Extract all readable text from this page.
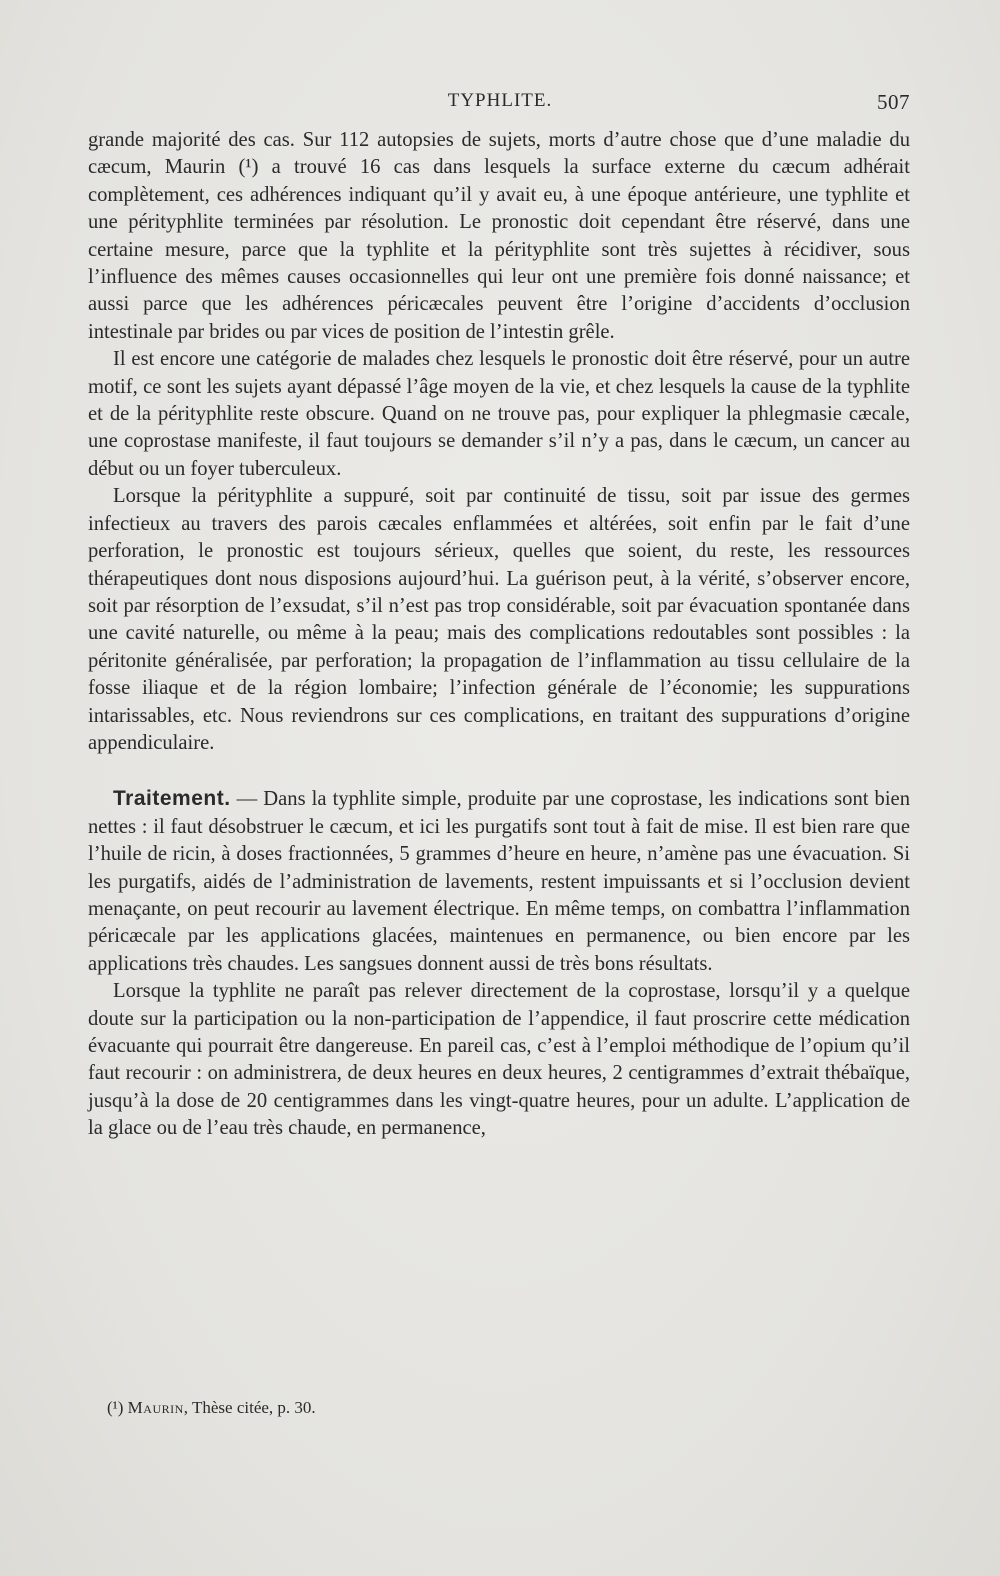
TYPHLITE.	507

grande majorité des cas. Sur 112 autopsies de sujets, morts d’autre chose que d’une maladie du cæcum, Maurin (¹) a trouvé 16 cas dans lesquels la surface externe du cæcum adhérait complètement, ces adhérences indiquant qu’il y avait eu, à une époque antérieure, une typhlite et une pérityphlite terminées par résolution. Le pronostic doit cependant être réservé, dans une certaine mesure, parce que la typhlite et la pérityphlite sont très sujettes à récidiver, sous l’influence des mêmes causes occasionnelles qui leur ont une première fois donné naissance; et aussi parce que les adhérences péricæcales peuvent être l’origine d’accidents d’occlusion intestinale par brides ou par vices de position de l’intestin grêle.

Il est encore une catégorie de malades chez lesquels le pronostic doit être réservé, pour un autre motif, ce sont les sujets ayant dépassé l’âge moyen de la vie, et chez lesquels la cause de la typhlite et de la pérityphlite reste obscure. Quand on ne trouve pas, pour expliquer la phlegmasie cæcale, une coprostase manifeste, il faut toujours se demander s’il n’y a pas, dans le cæcum, un cancer au début ou un foyer tuberculeux.

Lorsque la pérityphlite a suppuré, soit par continuité de tissu, soit par issue des germes infectieux au travers des parois cæcales enflammées et altérées, soit enfin par le fait d’une perforation, le pronostic est toujours sérieux, quelles que soient, du reste, les ressources thérapeutiques dont nous disposions aujourd’hui. La guérison peut, à la vérité, s’observer encore, soit par résorption de l’exsudat, s’il n’est pas trop considérable, soit par évacuation spontanée dans une cavité naturelle, ou même à la peau; mais des complications redoutables sont possibles : la péritonite généralisée, par perforation; la propagation de l’inflammation au tissu cellulaire de la fosse iliaque et de la région lombaire; l’infection générale de l’économie; les suppurations intarissables, etc. Nous reviendrons sur ces complications, en traitant des suppurations d’origine appendiculaire.

Traitement. — Dans la typhlite simple, produite par une coprostase, les indications sont bien nettes : il faut désobstruer le cæcum, et ici les purgatifs sont tout à fait de mise. Il est bien rare que l’huile de ricin, à doses fractionnées, 5 grammes d’heure en heure, n’amène pas une évacuation. Si les purgatifs, aidés de l’administration de lavements, restent impuissants et si l’occlusion devient menaçante, on peut recourir au lavement électrique. En même temps, on combattra l’inflammation péricæcale par les applications glacées, maintenues en permanence, ou bien encore par les applications très chaudes. Les sangsues donnent aussi de très bons résultats.

Lorsque la typhlite ne paraît pas relever directement de la coprostase, lorsqu’il y a quelque doute sur la participation ou la non-participation de l’appendice, il faut proscrire cette médication évacuante qui pourrait être dangereuse. En pareil cas, c’est à l’emploi méthodique de l’opium qu’il faut recourir : on administrera, de deux heures en deux heures, 2 centigrammes d’extrait thébaïque, jusqu’à la dose de 20 centigrammes dans les vingt-quatre heures, pour un adulte. L’application de la glace ou de l’eau très chaude, en permanence,

(¹) Maurin, Thèse citée, p. 30.
